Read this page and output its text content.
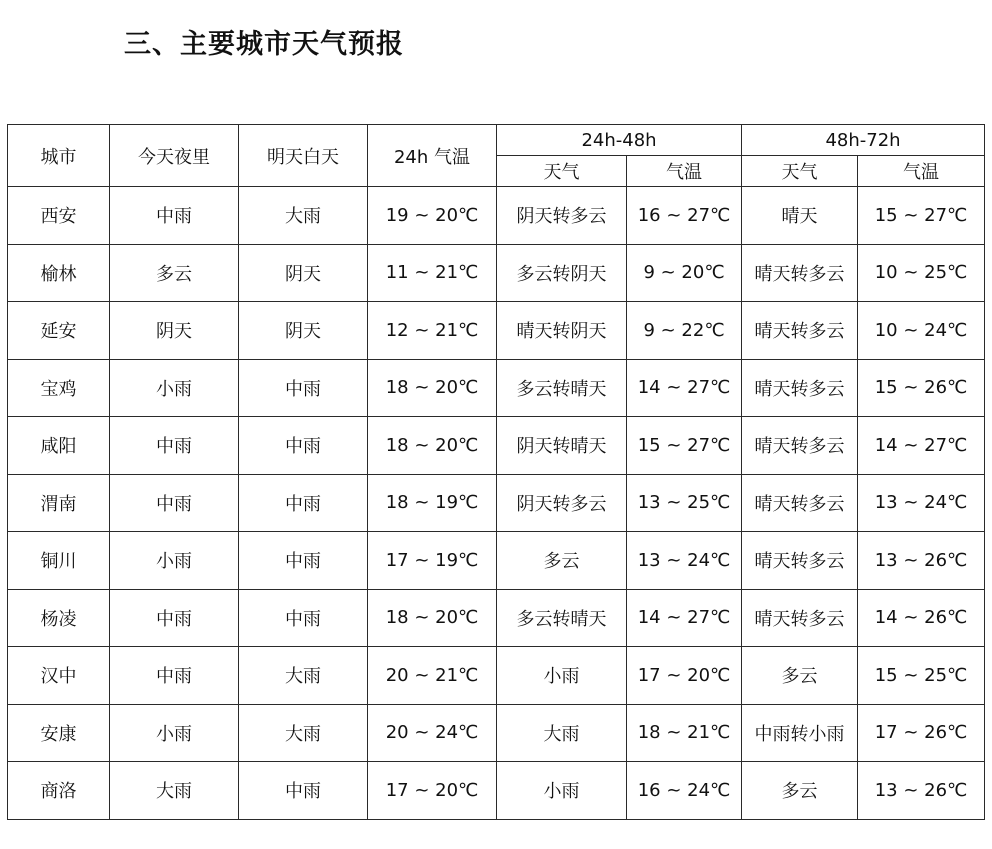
三、主要城市天气预报
城市	今天夜里	明天白天	24h 气温	24h-48h		48h-72h	
				天气	气温	天气	气温
西安	中雨	大雨	19 ~ 20℃	阴天转多云	16 ~ 27℃	晴天	15 ~ 27℃
榆林	多云	阴天	11 ~ 21℃	多云转阴天	9 ~ 20℃	晴天转多云	10 ~ 25℃
延安	阴天	阴天	12 ~ 21℃	晴天转阴天	9 ~ 22℃	晴天转多云	10 ~ 24℃
宝鸡	小雨	中雨	18 ~ 20℃	多云转晴天	14 ~ 27℃	晴天转多云	15 ~ 26℃
咸阳	中雨	中雨	18 ~ 20℃	阴天转晴天	15 ~ 27℃	晴天转多云	14 ~ 27℃
渭南	中雨	中雨	18 ~ 19℃	阴天转多云	13 ~ 25℃	晴天转多云	13 ~ 24℃
铜川	小雨	中雨	17 ~ 19℃	多云	13 ~ 24℃	晴天转多云	13 ~ 26℃
杨凌	中雨	中雨	18 ~ 20℃	多云转晴天	14 ~ 27℃	晴天转多云	14 ~ 26℃
汉中	中雨	大雨	20 ~ 21℃	小雨	17 ~ 20℃	多云	15 ~ 25℃
安康	小雨	大雨	20 ~ 24℃	大雨	18 ~ 21℃	中雨转小雨	17 ~ 26℃
商洛	大雨	中雨	17 ~ 20℃	小雨	16 ~ 24℃	多云	13 ~ 26℃
